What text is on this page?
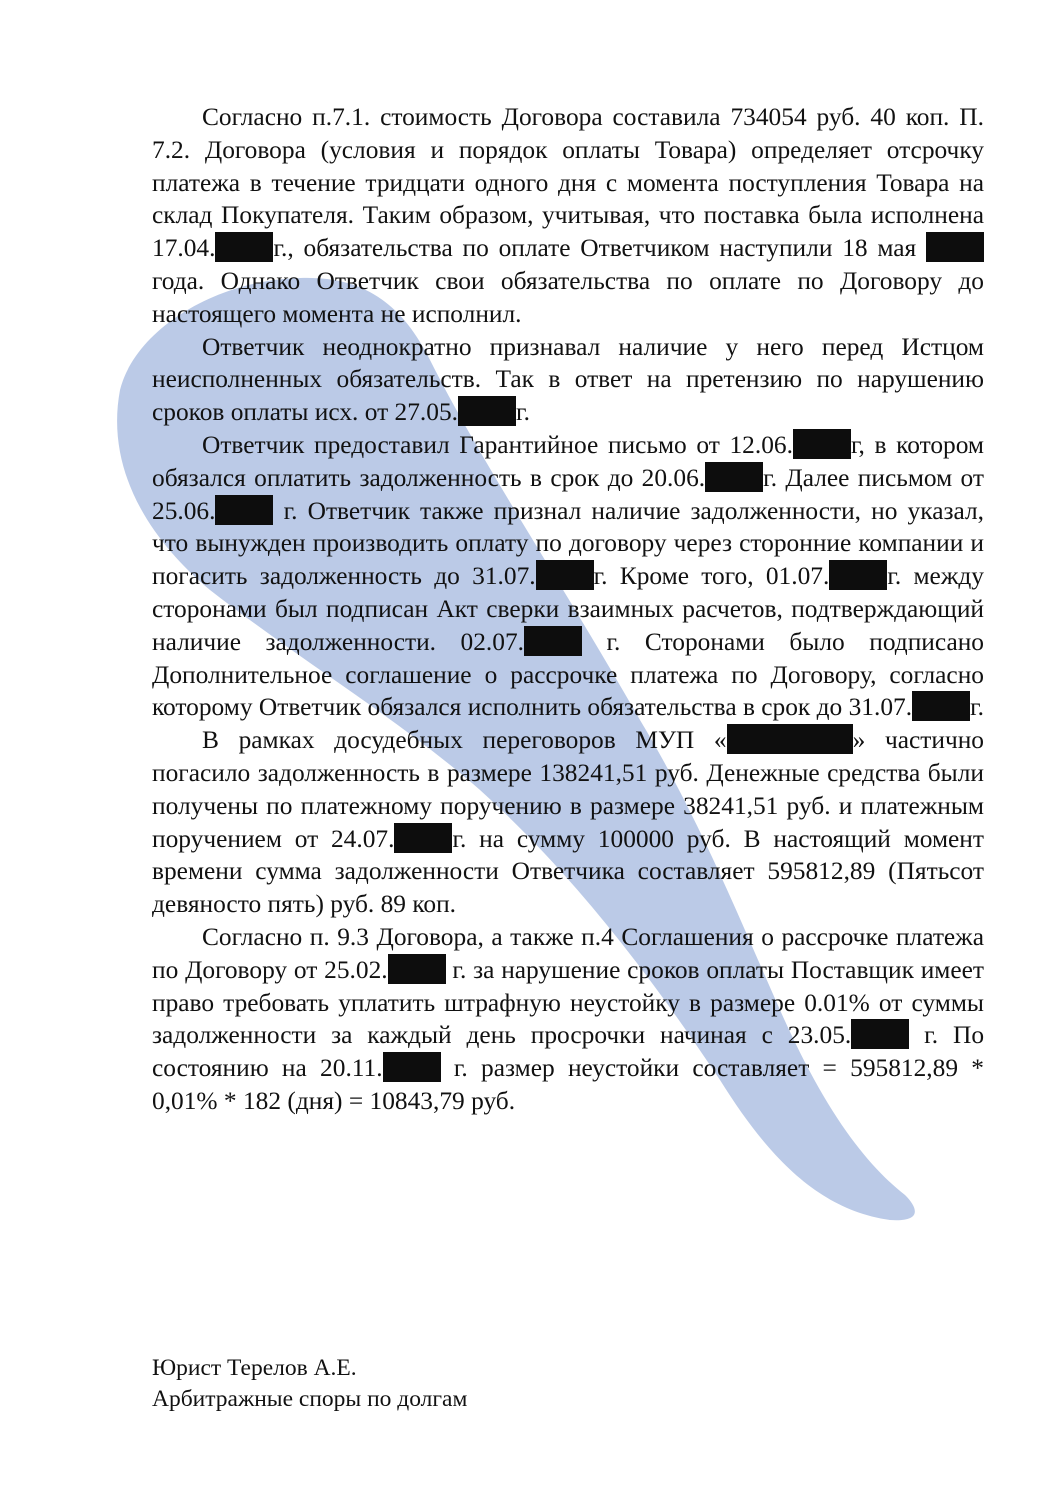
Согласно п.7.1. стоимость Договора составила 734054 руб. 40 коп. П. 7.2. Договора (условия и порядок оплаты Товара) определяет отсрочку платежа в течение тридцати одного дня с момента поступления Товара на склад Покупателя. Таким образом, учитывая, что поставка была исполнена 17.04. г., обязательства по оплате Ответчиком наступили 18 мая  года. Однако Ответчик свои обязательства по оплате по Договору до настоящего момента не исполнил.

Ответчик неоднократно признавал наличие у него перед Истцом неисполненных обязательств. Так в ответ на претензию по нарушению сроков оплаты исх. от 27.05. г.

Ответчик предоставил Гарантийное письмо от 12.06. г, в котором обязался оплатить задолженность в срок до 20.06. г. Далее письмом от 25.06. г. Ответчик также признал наличие задолженности, но указал, что вынужден производить оплату по договору через сторонние компании и погасить задолженность до 31.07. г. Кроме того, 01.07. г. между сторонами был подписан Акт сверки взаимных расчетов, подтверждающий наличие задолженности. 02.07. г. Сторонами было подписано Дополнительное соглашение о рассрочке платежа по Договору, согласно которому Ответчик обязался исполнить обязательства в срок до 31.07. г.

В рамках досудебных переговоров МУП «	» частично погасило задолженность в размере 138241,51 руб. Денежные средства были получены по платежному поручению в размере 38241,51 руб. и платежным поручением от 24.07. г. на сумму 100000 руб. В настоящий момент времени сумма задолженности Ответчика составляет 595812,89 (Пятьсот девяносто пять) руб. 89 коп.

Согласно п. 9.3 Договора, а также п.4 Соглашения о рассрочке платежа по Договору от 25.02. г. за нарушение сроков оплаты Поставщик имеет право требовать уплатить штрафную неустойку в размере 0.01% от суммы задолженности за каждый день просрочки начиная с 23.05. г. По состоянию на 20.11. г. размер неустойки составляет = 595812,89 * 0,01% * 182 (дня) = 10843,79 руб.

Юрист Терелов А.Е.
Арбитражные споры по долгам
